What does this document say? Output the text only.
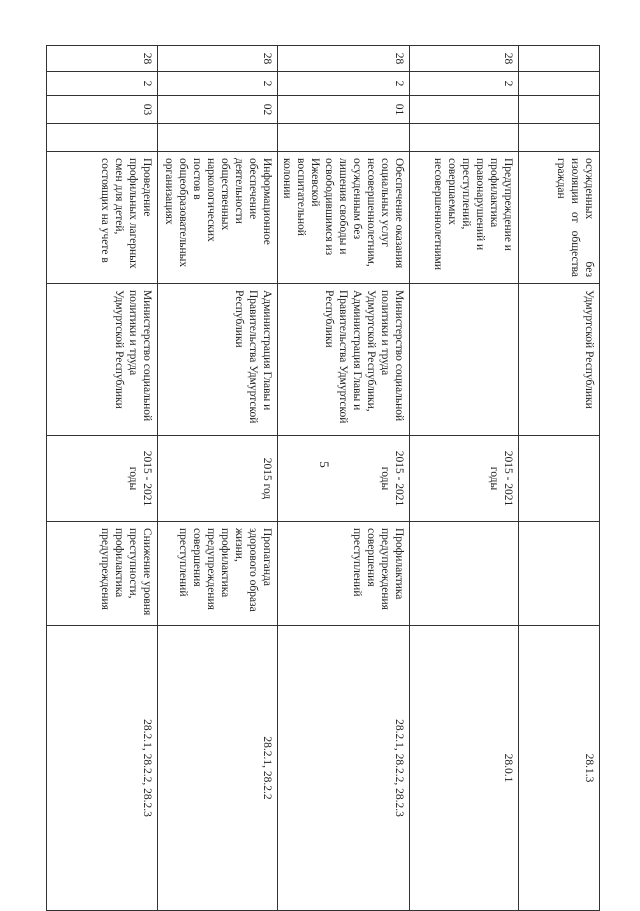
5
				осужденных без изоляции от общества граждан	Удмуртской Республики			28.1.3
28	2			Предупреждение и профилактика правонарушений и преступлений, совершаемых несовершеннолетними		2015 - 2021 годы		28.0.1
28	2	01		Обеспечение оказания социальных услуг несовершеннолетним, осужденным без лишения свободы и освободившимся из Ижевской воспитательной колонии	Министерство социальной политики и труда Удмуртской Республики, Администрация Главы и Правительства Удмуртской Республики	2015 - 2021 годы	Профилактика предупреждения совершения преступлений	28.2.1, 28.2.2, 28.2.3
28	2	02		Информационное обеспечение деятельности общественных наркологических постов в общеобразовательных организациях	Администрация Главы и Правительства Удмуртской Республики	2015 год	Пропаганда здорового образа жизни, профилактика предупреждения совершения преступлений	28.2.1, 28.2.2
28	2	03		Проведение профильных лагерных смен для детей, состоящих на учете в	Министерство социальной политики и труда Удмуртской Республики	2015 - 2021 годы	Снижение уровня преступности, профилактика предупреждения	28.2.1, 28.2.2, 28.2.3
